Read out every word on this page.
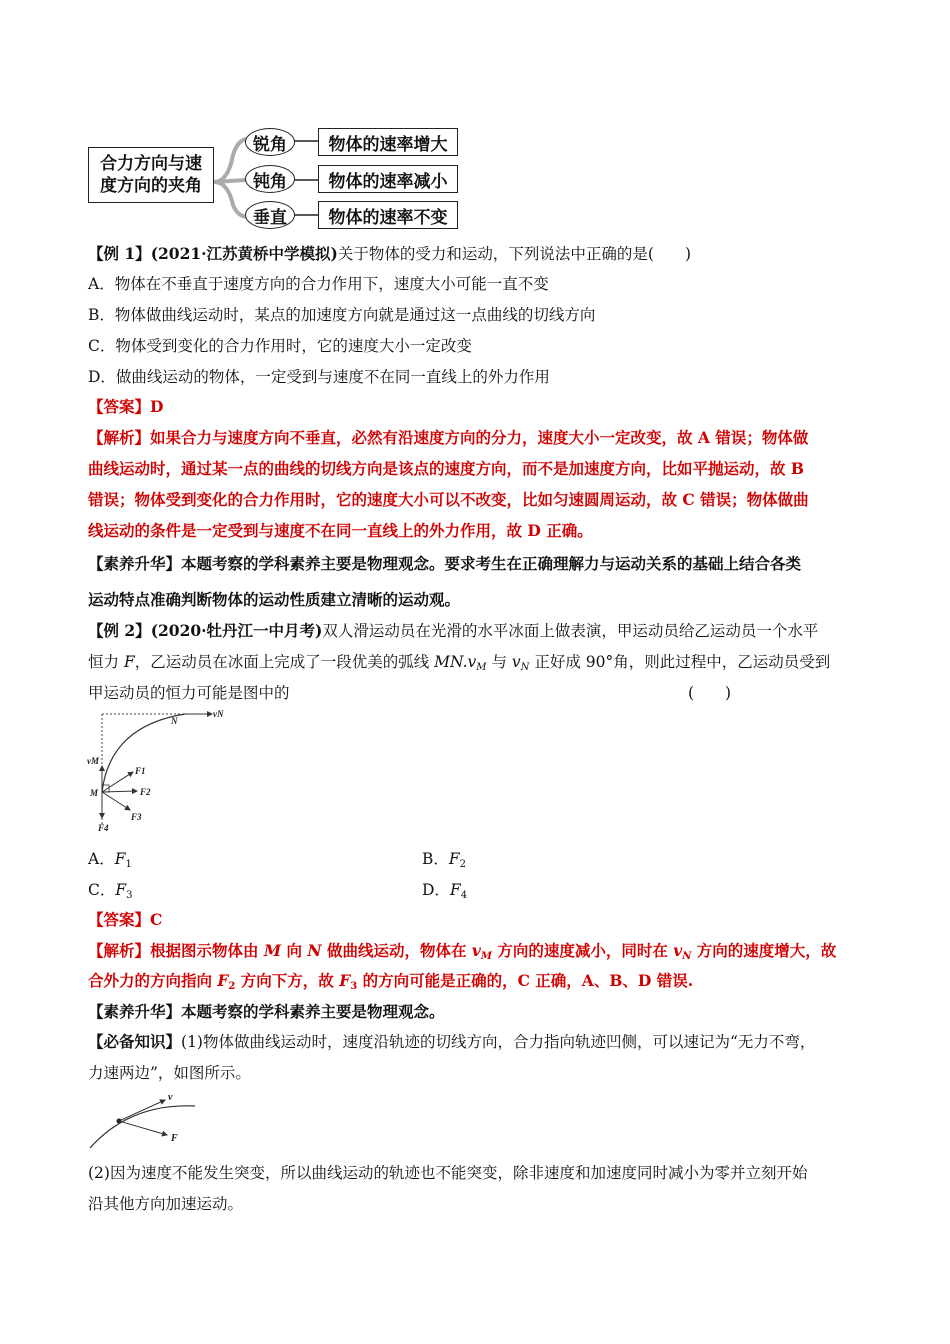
合力方向与速
度方向的夹角
锐角
钝角
垂直
物体的速率增大
物体的速率减小
物体的速率不变
【例 1】(2021·江苏黄桥中学模拟)关于物体的受力和运动，下列说法中正确的是(　　)
A．物体在不垂直于速度方向的合力作用下，速度大小可能一直不变
B．物体做曲线运动时，某点的加速度方向就是通过这一点曲线的切线方向
C．物体受到变化的合力作用时，它的速度大小一定改变
D．做曲线运动的物体，一定受到与速度不在同一直线上的外力作用
【答案】D
【解析】如果合力与速度方向不垂直，必然有沿速度方向的分力，速度大小一定改变，故 A 错误；物体做
曲线运动时，通过某一点的曲线的切线方向是该点的速度方向，而不是加速度方向，比如平抛运动，故 B
错误；物体受到变化的合力作用时，它的速度大小可以不改变，比如匀速圆周运动，故 C 错误；物体做曲
线运动的条件是一定受到与速度不在同一直线上的外力作用，故 D 正确。
【素养升华】本题考察的学科素养主要是物理观念。要求考生在正确理解力与运动关系的基础上结合各类
运动特点准确判断物体的运动性质建立清晰的运动观。
【例 2】(2020·牡丹江一中月考)双人滑运动员在光滑的水平冰面上做表演，甲运动员给乙运动员一个水平
恒力 F，乙运动员在冰面上完成了一段优美的弧线 $MN.v_M$ 与 $v_N$ 正好成 90°角，则此过程中，乙运动员受到
甲运动员的恒力可能是图中的	(　　)
N
vN
vM
M
F1
F2
F3
F4
A．$F_1$	B．$F_2$
C．$F_3$	D．$F_4$
【答案】C
【解析】根据图示物体由 M 向 N 做曲线运动，物体在 $v_M$ 方向的速度减小，同时在 $v_N$ 方向的速度增大，故
合外力的方向指向 $F_2$ 方向下方，故 $F_3$ 的方向可能是正确的，C 正确，A、B、D 错误.
【素养升华】本题考察的学科素养主要是物理观念。
【必备知识】(1)物体做曲线运动时，速度沿轨迹的切线方向，合力指向轨迹凹侧，可以速记为“无力不弯，
力速两边”，如图所示。
v
F
(2)因为速度不能发生突变，所以曲线运动的轨迹也不能突变，除非速度和加速度同时减小为零并立刻开始
沿其他方向加速运动。
